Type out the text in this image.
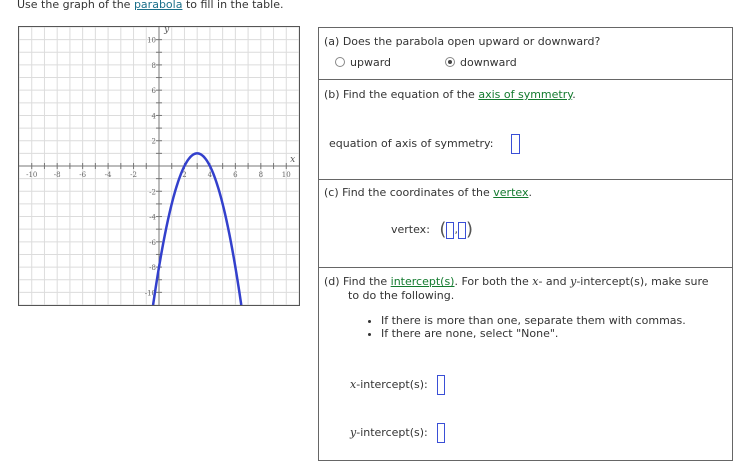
Use the graph of the parabola to fill in the table.
-10 -8	-6	-4	-2	2	4	6	8	10
10
8
6
4
2
-2
-4
-6
-8
-10
x
y
(a) Does the parabola open upward or downward?
upward	downward
(b) Find the equation of the axis of symmetry.
equation of axis of symmetry:
(c) Find the coordinates of the vertex.
vertex: ( , )
(d) Find the intercept(s). For both the x- and y-intercept(s), make sure
to do the following.
• If there is more than one, separate them with commas.
• If there are none, select "None".
x-intercept(s):
y-intercept(s):
